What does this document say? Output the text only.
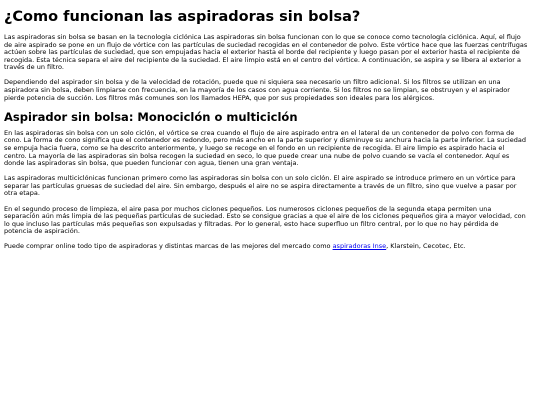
¿Como funcionan las aspiradoras sin bolsa?

Las aspiradoras sin bolsa se basan en la tecnología ciclónica Las aspiradoras sin bolsa funcionan con lo que se conoce como tecnología ciclónica. Aquí, el flujo de aire aspirado se pone en un flujo de vórtice con las partículas de suciedad recogidas en el contenedor de polvo. Este vórtice hace que las fuerzas centrífugas actúen sobre las partículas de suciedad, que son empujadas hacia el exterior hasta el borde del recipiente y luego pasan por el exterior hasta el recipiente de recogida. Esta técnica separa el aire del recipiente de la suciedad. El aire limpio está en el centro del vórtice. A continuación, se aspira y se libera al exterior a través de un filtro.

Dependiendo del aspirador sin bolsa y de la velocidad de rotación, puede que ni siquiera sea necesario un filtro adicional. Si los filtros se utilizan en una aspiradora sin bolsa, deben limpiarse con frecuencia, en la mayoría de los casos con agua corriente. Si los filtros no se limpian, se obstruyen y el aspirador pierde potencia de succión. Los filtros más comunes son los llamados HEPA, que por sus propiedades son ideales para los alérgicos.

Aspirador sin bolsa: Monociclón o multiciclón

En las aspiradoras sin bolsa con un solo ciclón, el vórtice se crea cuando el flujo de aire aspirado entra en el lateral de un contenedor de polvo con forma de cono. La forma de cono significa que el contenedor es redondo, pero más ancho en la parte superior y disminuye su anchura hacia la parte inferior. La suciedad se empuja hacia fuera, como se ha descrito anteriormente, y luego se recoge en el fondo en un recipiente de recogida. El aire limpio es aspirado hacia el centro. La mayoría de las aspiradoras sin bolsa recogen la suciedad en seco, lo que puede crear una nube de polvo cuando se vacía el contenedor. Aquí es donde las aspiradoras sin bolsa, que pueden funcionar con agua, tienen una gran ventaja.

Las aspiradoras multiciclónicas funcionan primero como las aspiradoras sin bolsa con un solo ciclón. El aire aspirado se introduce primero en un vórtice para separar las partículas gruesas de suciedad del aire. Sin embargo, después el aire no se aspira directamente a través de un filtro, sino que vuelve a pasar por otra etapa.

En el segundo proceso de limpieza, el aire pasa por muchos ciclones pequeños. Los numerosos ciclones pequeños de la segunda etapa permiten una separación aún más limpia de las pequeñas partículas de suciedad. Esto se consigue gracias a que el aire de los ciclones pequeños gira a mayor velocidad, con lo que incluso las partículas más pequeñas son expulsadas y filtradas. Por lo general, esto hace superfluo un filtro central, por lo que no hay pérdida de potencia de aspiración.

Puede comprar online todo tipo de aspiradoras y distintas marcas de las mejores del mercado como aspiradoras Inse, Klarstein, Cecotec, Etc.
